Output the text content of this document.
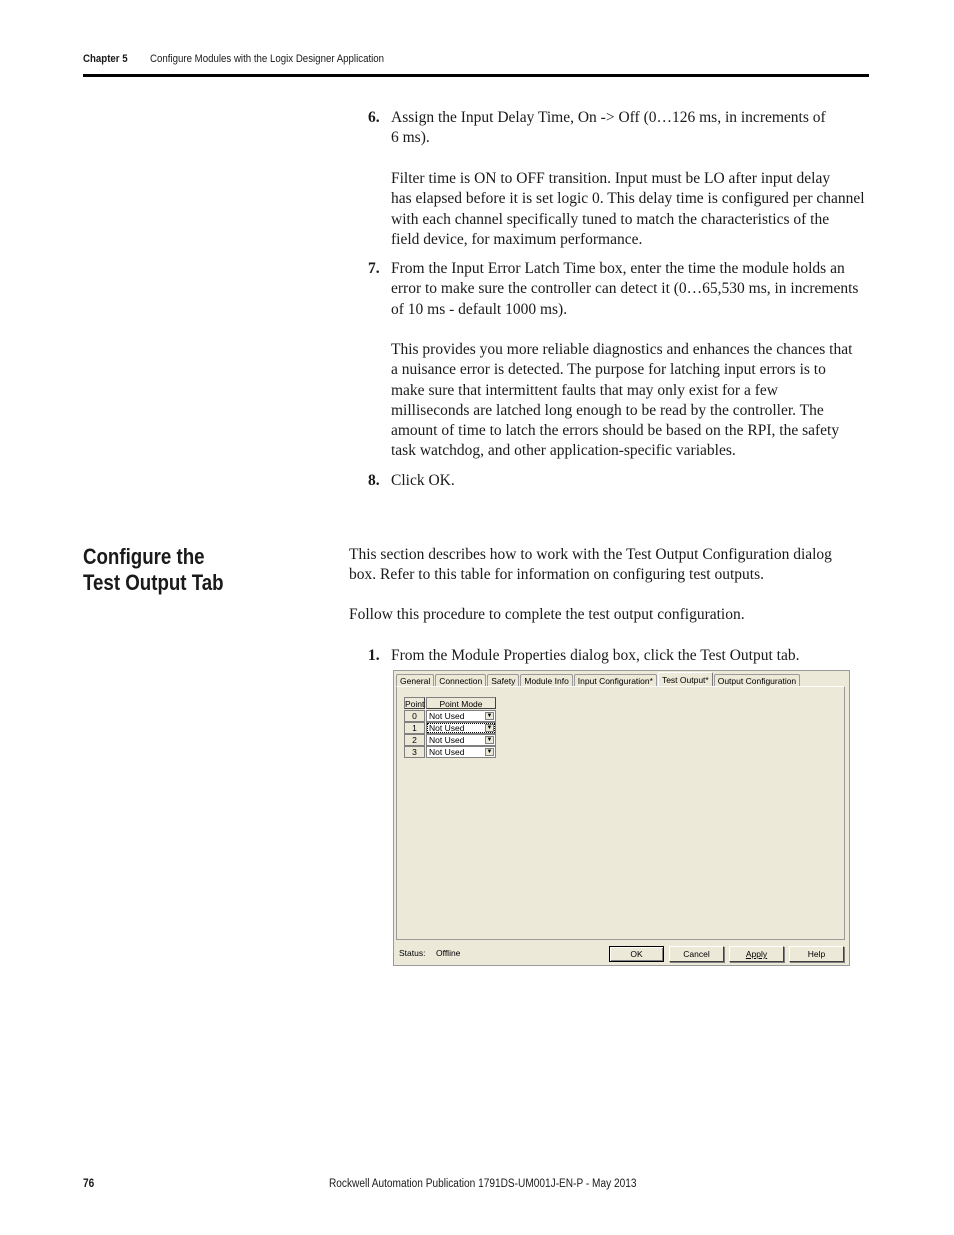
Chapter 5 Configure Modules with the Logix Designer Application
6. Assign the Input Delay Time, On -> Off (0…126 ms, in increments of
6 ms).
Filter time is ON to OFF transition. Input must be LO after input delay
has elapsed before it is set logic 0. This delay time is configured per channel
with each channel specifically tuned to match the characteristics of the
field device, for maximum performance.
7. From the Input Error Latch Time box, enter the time the module holds an
error to make sure the controller can detect it (0…65,530 ms, in increments
of 10 ms - default 1000 ms).
This provides you more reliable diagnostics and enhances the chances that
a nuisance error is detected. The purpose for latching input errors is to
make sure that intermittent faults that may only exist for a few
milliseconds are latched long enough to be read by the controller. The
amount of time to latch the errors should be based on the RPI, the safety
task watchdog, and other application-specific variables.
8. Click OK.
Configure the
Test Output Tab
This section describes how to work with the Test Output Configuration dialog
box. Refer to this table for information on configuring test outputs.
Follow this procedure to complete the test output configuration.
1. From the Module Properties dialog box, click the Test Output tab.
General	Connection	Safety	Module Info	Input Configuration*	Test Output*	Output Configuration
Point	Point Mode
0	Not Used	▼
1	Not Used	▼
2	Not Used	▼
3	Not Used	▼
Status: Offline	OK	Cancel	Apply	Help
76	Rockwell Automation Publication 1791DS-UM001J-EN-P - May 2013
